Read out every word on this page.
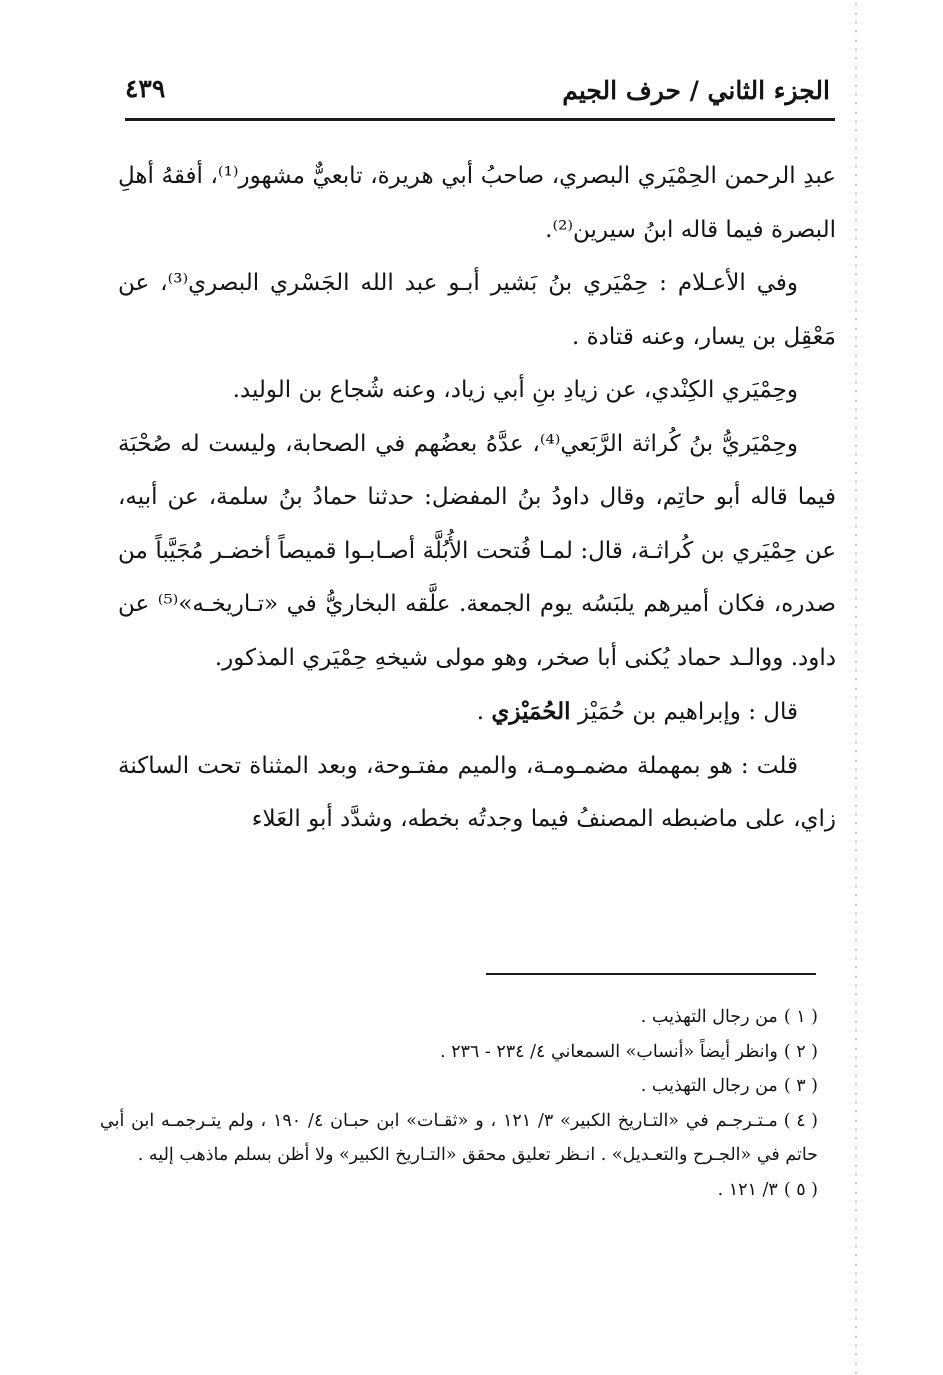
الجزء الثاني / حرف الجيم
٤٣٩

عبدِ الرحمن الحِمْيَري البصري، صاحبُ أبي هريرة، تابعيٌّ مشهور⁽¹⁾، أفقهُ أهلِ البصرة فيما قاله ابنُ سيرين⁽²⁾.

وفي الأعـلام : حِمْيَري بنُ بَشير أبـو عبد الله الجَسْري البصري⁽³⁾، عن مَعْقِل بن يسار، وعنه قتادة .

وحِمْيَري الكِنْدي، عن زيادِ بنِ أبي زياد، وعنه شُجاع بن الوليد.

وحِمْيَريُّ بنُ كُراثة الرَّبَعي⁽⁴⁾، عدَّهُ بعضُهم في الصحابة، وليست له صُحْبَة فيما قاله أبو حاتِم، وقال داودُ بنُ المفضل: حدثنا حمادُ بنُ سلمة، عن أبيه، عن حِمْيَري بن كُراثـة، قال: لمـا فُتحت الأُبُلَّة أصـابـوا قميصاً أخضـر مُجَيَّباً من صدره، فكان أميرهم يلبَسُه يوم الجمعة. علَّقه البخاريُّ في «تـاريخـه»⁽⁵⁾ عن داود. ووالـد حماد يُكنى أبا صخر، وهو مولى شيخهِ حِمْيَري المذكور.

قال : وإبراهيم بن حُمَيْز الحُمَيْزي .

قلت : هو بمهملة مضمـومـة، والميم مفتـوحة، وبعد المثناة تحت الساكنة زاي، على ماضبطه المصنفُ فيما وجدتُه بخطه، وشدَّد أبو العَلاء

( ١ )من رجال التهذيب .
( ٢ )وانظر أيضاً «أنساب» السمعاني ٤/ ٢٣٤ - ٢٣٦ .
( ٣ )من رجال التهذيب .
( ٤ )مـتـرجـم في «التـاريخ الكبير» ٣/ ١٢١ ، و «ثقـات» ابن حبـان ٤/ ١٩٠ ، ولم يتـرجمـه ابن أبي حاتم في «الجـرح والتعـديل» . انـظر تعليق محقق «التـاريخ الكبير» ولا أظن بسلم ماذهب إليه .
( ٥ )٣/ ١٢١ .
